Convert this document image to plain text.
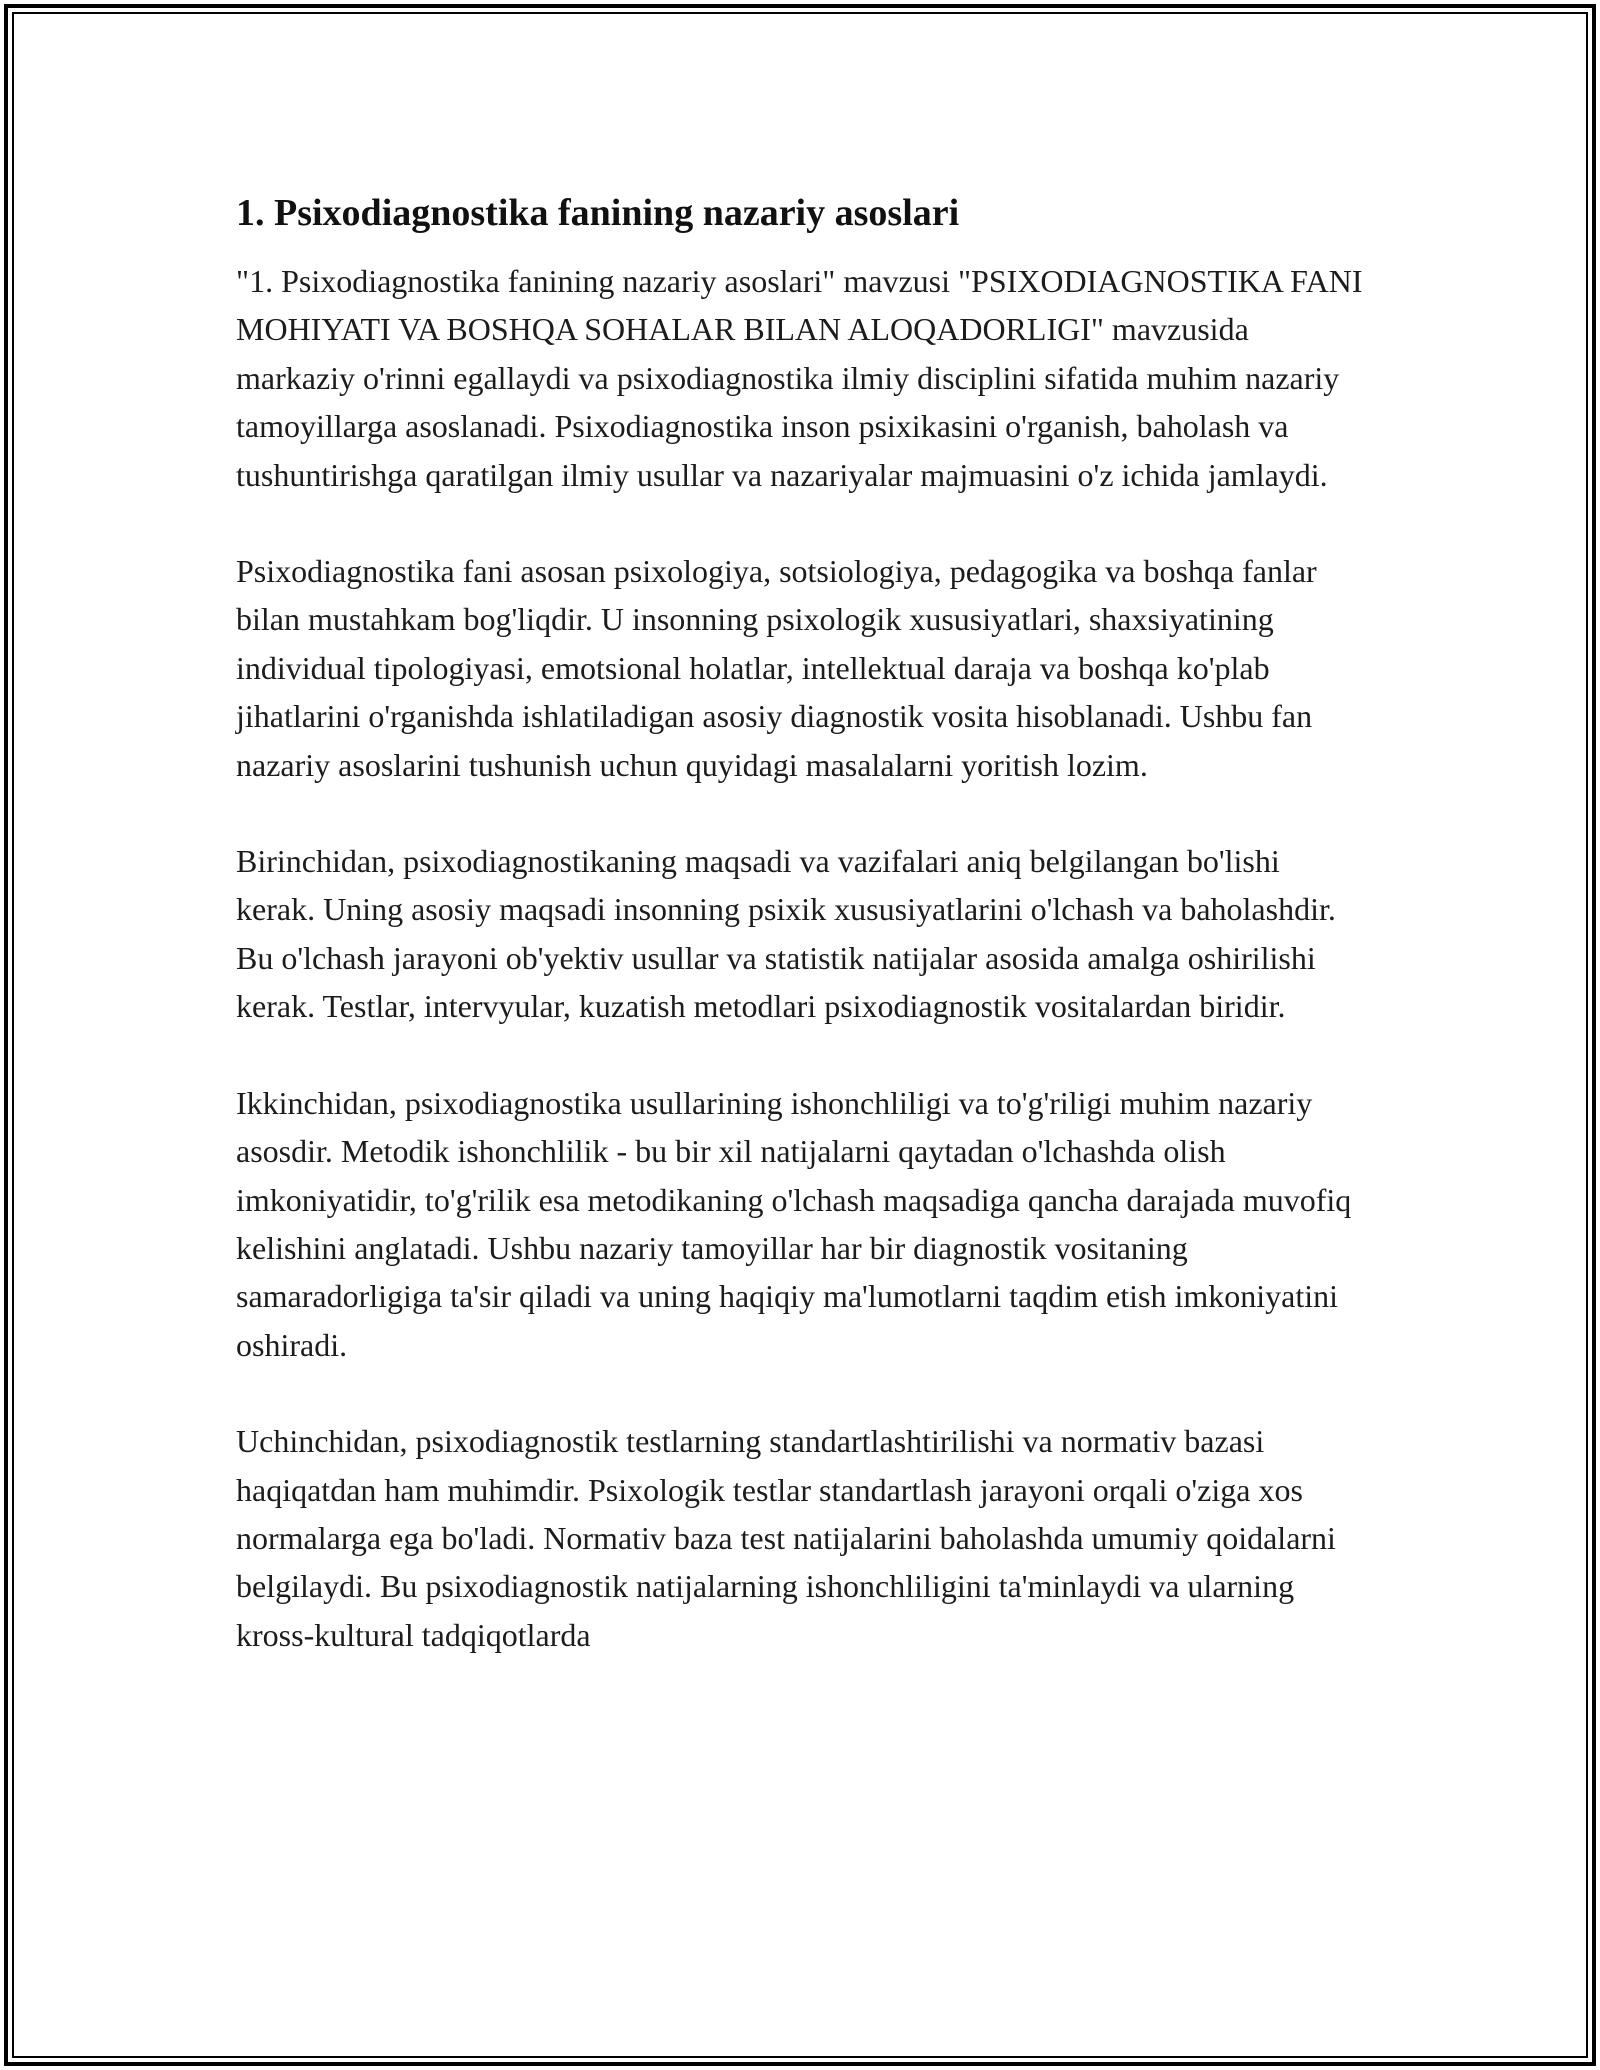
1. Psixodiagnostika fanining nazariy asoslari

"1. Psixodiagnostika fanining nazariy asoslari" mavzusi "PSIXODIAGNOSTIKA FANI MOHIYATI VA BOSHQA SOHALAR BILAN ALOQADORLIGI" mavzusida markaziy o'rinni egallaydi va psixodiagnostika ilmiy disciplini sifatida muhim nazariy tamoyillarga asoslanadi. Psixodiagnostika inson psixikasini o'rganish, baholash va tushuntirishga qaratilgan ilmiy usullar va nazariyalar majmuasini o'z ichida jamlaydi.

Psixodiagnostika fani asosan psixologiya, sotsiologiya, pedagogika va boshqa fanlar bilan mustahkam bog'liqdir. U insonning psixologik xususiyatlari, shaxsiyatining individual tipologiyasi, emotsional holatlar, intellektual daraja va boshqa ko'plab jihatlarini o'rganishda ishlatiladigan asosiy diagnostik vosita hisoblanadi. Ushbu fan nazariy asoslarini tushunish uchun quyidagi masalalarni yoritish lozim.

Birinchidan, psixodiagnostikaning maqsadi va vazifalari aniq belgilangan bo'lishi kerak. Uning asosiy maqsadi insonning psixik xususiyatlarini o'lchash va baholashdir. Bu o'lchash jarayoni ob'yektiv usullar va statistik natijalar asosida amalga oshirilishi kerak. Testlar, intervyular, kuzatish metodlari psixodiagnostik vositalardan biridir.

Ikkinchidan, psixodiagnostika usullarining ishonchliligi va to'g'riligi muhim nazariy asosdir. Metodik ishonchlilik - bu bir xil natijalarni qaytadan o'lchashda olish imkoniyatidir, to'g'rilik esa metodikaning o'lchash maqsadiga qancha darajada muvofiq kelishini anglatadi. Ushbu nazariy tamoyillar har bir diagnostik vositaning samaradorligiga ta'sir qiladi va uning haqiqiy ma'lumotlarni taqdim etish imkoniyatini oshiradi.

Uchinchidan, psixodiagnostik testlarning standartlashtirilishi va normativ bazasi haqiqatdan ham muhimdir. Psixologik testlar standartlash jarayoni orqali o'ziga xos normalarga ega bo'ladi. Normativ baza test natijalarini baholashda umumiy qoidalarni belgilaydi. Bu psixodiagnostik natijalarning ishonchliligini ta'minlaydi va ularning kross-kultural tadqiqotlarda
